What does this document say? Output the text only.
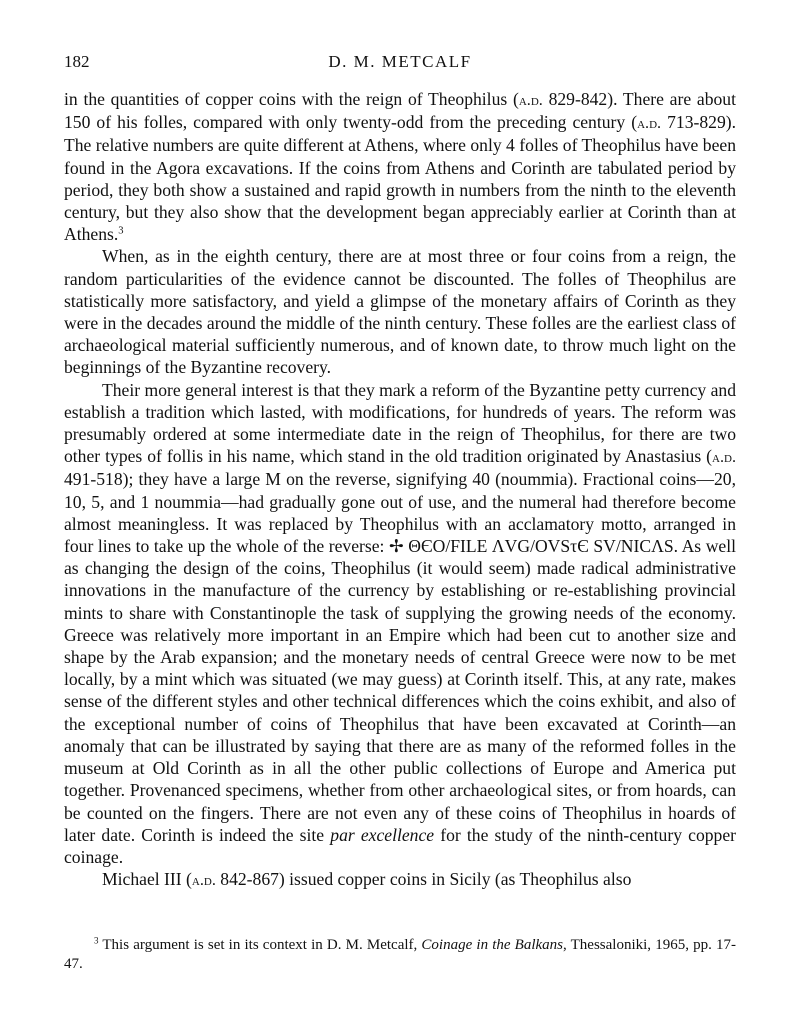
182	D. M. METCALF

in the quantities of copper coins with the reign of Theophilus (a.d. 829-842). There are about 150 of his folles, compared with only twenty-odd from the preceding century (a.d. 713-829). The relative numbers are quite different at Athens, where only 4 folles of Theophilus have been found in the Agora excavations. If the coins from Athens and Corinth are tabulated period by period, they both show a sustained and rapid growth in numbers from the ninth to the eleventh century, but they also show that the development began appreciably earlier at Corinth than at Athens.$^3$

When, as in the eighth century, there are at most three or four coins from a reign, the random particularities of the evidence cannot be discounted. The folles of Theophilus are statistically more satisfactory, and yield a glimpse of the monetary affairs of Corinth as they were in the decades around the middle of the ninth century. These folles are the earliest class of archaeological material sufficiently numerous, and of known date, to throw much light on the beginnings of the Byzantine recovery.

Their more general interest is that they mark a reform of the Byzantine petty currency and establish a tradition which lasted, with modifications, for hundreds of years. The reform was presumably ordered at some intermediate date in the reign of Theophilus, for there are two other types of follis in his name, which stand in the old tradition originated by Anastasius (a.d. 491-518); they have a large M on the reverse, signifying 40 (noummia). Fractional coins—20, 10, 5, and 1 noummia—had gradually gone out of use, and the numeral had therefore become almost meaningless. It was replaced by Theophilus with an acclamatory motto, arranged in four lines to take up the whole of the reverse: ✢ ΘЄO/FILE ΛVG/OVSτЄ SV/NICΛS. As well as changing the design of the coins, Theophilus (it would seem) made radical administrative innovations in the manufacture of the currency by establishing or re-establishing provincial mints to share with Constantinople the task of supplying the growing needs of the economy. Greece was relatively more important in an Empire which had been cut to another size and shape by the Arab expansion; and the monetary needs of central Greece were now to be met locally, by a mint which was situated (we may guess) at Corinth itself. This, at any rate, makes sense of the different styles and other technical differences which the coins exhibit, and also of the exceptional number of coins of Theophilus that have been excavated at Corinth—an anomaly that can be illustrated by saying that there are as many of the reformed folles in the museum at Old Corinth as in all the other public collections of Europe and America put together. Provenanced specimens, whether from other archaeological sites, or from hoards, can be counted on the fingers. There are not even any of these coins of Theophilus in hoards of later date. Corinth is indeed the site par excellence for the study of the ninth-century copper coinage.

Michael III (a.d. 842-867) issued copper coins in Sicily (as Theophilus also

$^3$ This argument is set in its context in D. M. Metcalf, Coinage in the Balkans, Thessaloniki, 1965, pp. 17-47.
